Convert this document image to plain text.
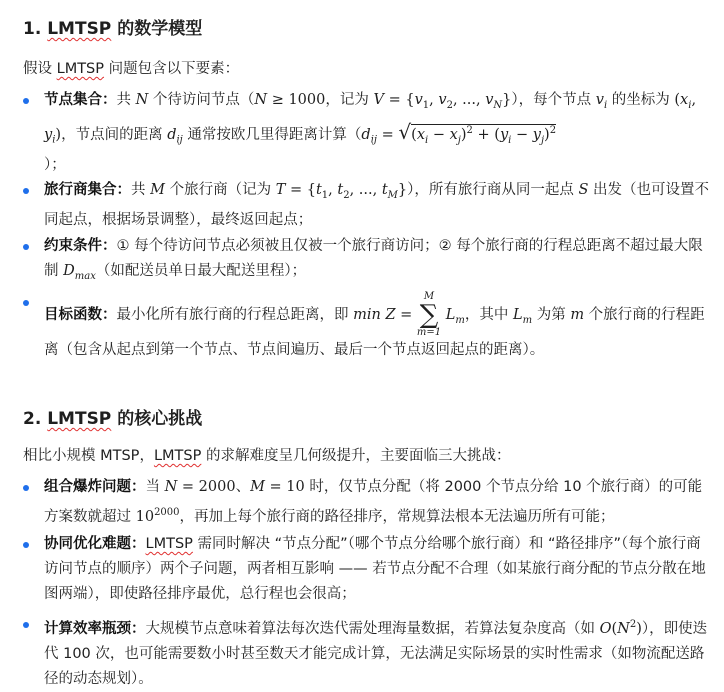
1. LMTSP 的数学模型
假设 LMTSP 问题包含以下要素：
节点集合：共 N 个待访问节点（N ≥ 1000，记为 $V = \{v_1$, $v_2$, ..., $v_N$}），每个节点 $v_i$ 的坐标为 ($x_i$, $y_i$)，节点间的距离 $d_{ij}$ 通常按欧几里得距离计算（$d_{ij} = √(x_i - x_j)^2 + (y_i - y_j)^2$
）；
旅行商集合：共 M 个旅行商（记为 $T = \{t_1$, $t_2$, ..., $t_M$}），所有旅行商从同一起点 S 出发（也可设置不同起点，根据场景调整），最终返回起点；
约束条件：① 每个待访问节点必须被且仅被一个旅行商访问；② 每个旅行商的行程总距离不超过最大限制 $D_{max}$（如配送员单日最大配送里程）；
目标函数：最小化所有旅行商的行程总距离，即 min Z =
M
∑
m=1
$L_m$，其中 $L_m$ 为第 m 个旅行商的行程距离（包含从起点到第一个节点、节点间遍历、最后一个节点返回起点的距离）。
2. LMTSP 的核心挑战
相比小规模 MTSP，LMTSP 的求解难度呈几何级提升，主要面临三大挑战：
组合爆炸问题：当 N = 2000、M = 10 时，仅节点分配（将 2000 个节点分给 10 个旅行商）的可能方案数就超过 $10^{2000}$，再加上每个旅行商的路径排序，常规算法根本无法遍历所有可能；
协同优化难题：LMTSP 需同时解决 “节点分配”（哪个节点分给哪个旅行商）和 “路径排序”（每个旅行商访问节点的顺序）两个子问题，两者相互影响 —— 若节点分配不合理（如某旅行商分配的节点分散在地图两端），即使路径排序最优，总行程也会很高；
计算效率瓶颈：大规模节点意味着算法每次迭代需处理海量数据，若算法复杂度高（如 $O(N^2)$），即使迭代 100 次，也可能需要数小时甚至数天才能完成计算，无法满足实际场景的实时性需求（如物流配送路径的动态规划）。
